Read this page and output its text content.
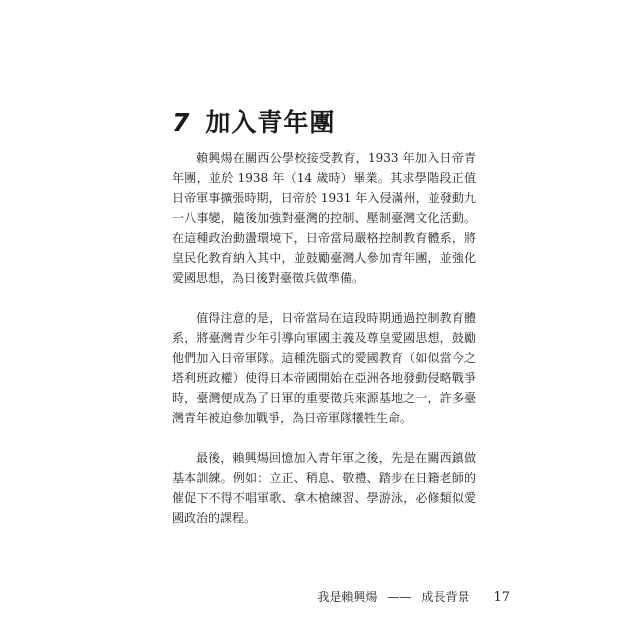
7 加入青年團

賴興煬在關西公學校接受教育，1933 年加入日帝青年團，並於 1938 年（14 歲時）畢業。其求學階段正值日帝軍事擴張時期，日帝於 1931 年入侵滿州，並發動九一八事變，隨後加強對臺灣的控制、壓制臺灣文化活動。在這種政治動盪環境下，日帝當局嚴格控制教育體系，將皇民化教育納入其中，並鼓勵臺灣人參加青年團，並強化愛國思想，為日後對臺徵兵做準備。

值得注意的是，日帝當局在這段時期通過控制教育體系，將臺灣青少年引導向軍國主義及尊皇愛國思想，鼓勵他們加入日帝軍隊。這種洗腦式的愛國教育（如似當今之塔利班政權）使得日本帝國開始在亞洲各地發動侵略戰爭時，臺灣便成為了日軍的重要徵兵來源基地之一，許多臺灣青年被迫參加戰爭，為日帝軍隊犧牲生命。

最後，賴興煬回憶加入青年軍之後，先是在關西鎮做基本訓練。例如：立正、稍息、敬禮、踏步在日籍老師的催促下不得不唱軍歌、拿木槍練習、學游泳，必修類似愛國政治的課程。

我是賴興煬 —— 成長背景 17
